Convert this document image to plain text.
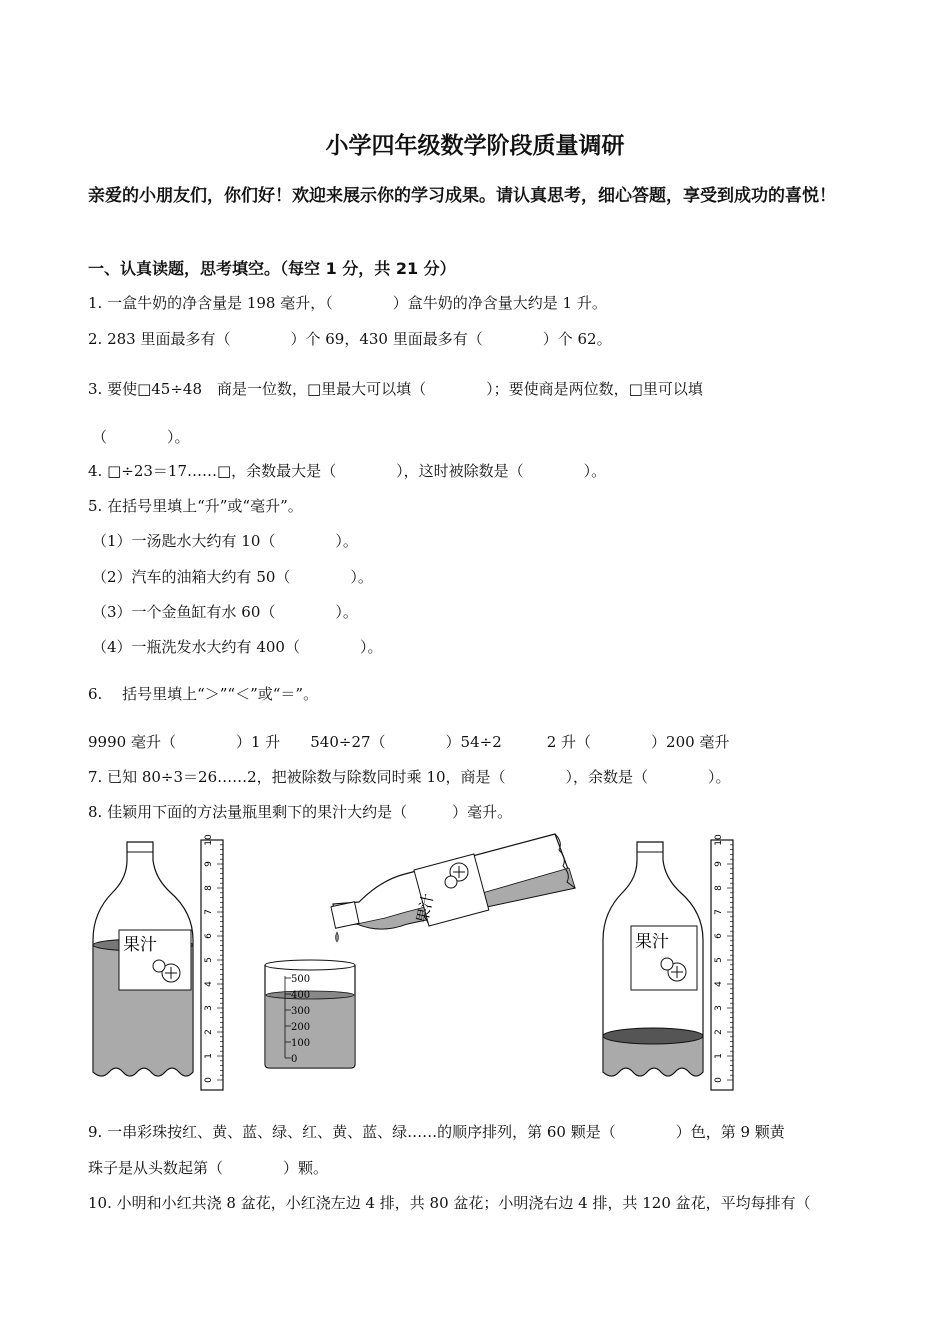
小学四年级数学阶段质量调研
亲爱的小朋友们，你们好！欢迎来展示你的学习成果。请认真思考，细心答题，享受到成功的喜悦！
一、认真读题，思考填空。（每空 1 分，共 21 分）
1. 一盒牛奶的净含量是 198 毫升，（　　　　）盒牛奶的净含量大约是 1 升。
2. 283 里面最多有（　　　　）个 69，430 里面最多有（　　　　）个 62。
3. 要使□45÷48　商是一位数，□里最大可以填（　　　　）；要使商是两位数，□里可以填
（　　　　）。
4. □÷23＝17……□，余数最大是（　　　　），这时被除数是（　　　　）。
5. 在括号里填上“升”或“毫升”。
（1）一汤匙水大约有 10（　　　　）。
（2）汽车的油箱大约有 50（　　　　）。
（3）一个金鱼缸有水 60（　　　　）。
（4）一瓶洗发水大约有 400（　　　　）。
6.　 括号里填上“＞”“＜”或“＝”。
9990 毫升（　　　　）1 升　　540÷27（　　　　）54÷2　　　2 升（　　　　）200 毫升
7. 已知 80÷3＝26……2，把被除数与除数同时乘 10，商是（　　　　），余数是（　　　　）。
8. 佳颖用下面的方法量瓶里剩下的果汁大约是（　　　）毫升。
果汁
0
1
2
3
4
5
6
7
8
9
10
500
400
300
200
100
0
果汁
果汁
0
1
2
3
4
5
6
7
8
9
10
9. 一串彩珠按红、黄、蓝、绿、红、黄、蓝、绿……的顺序排列，第 60 颗是（　　　　）色，第 9 颗黄
珠子是从头数起第（　　　　）颗。
10. 小明和小红共浇 8 盆花，小红浇左边 4 排，共 80 盆花；小明浇右边 4 排，共 120 盆花，平均每排有（
